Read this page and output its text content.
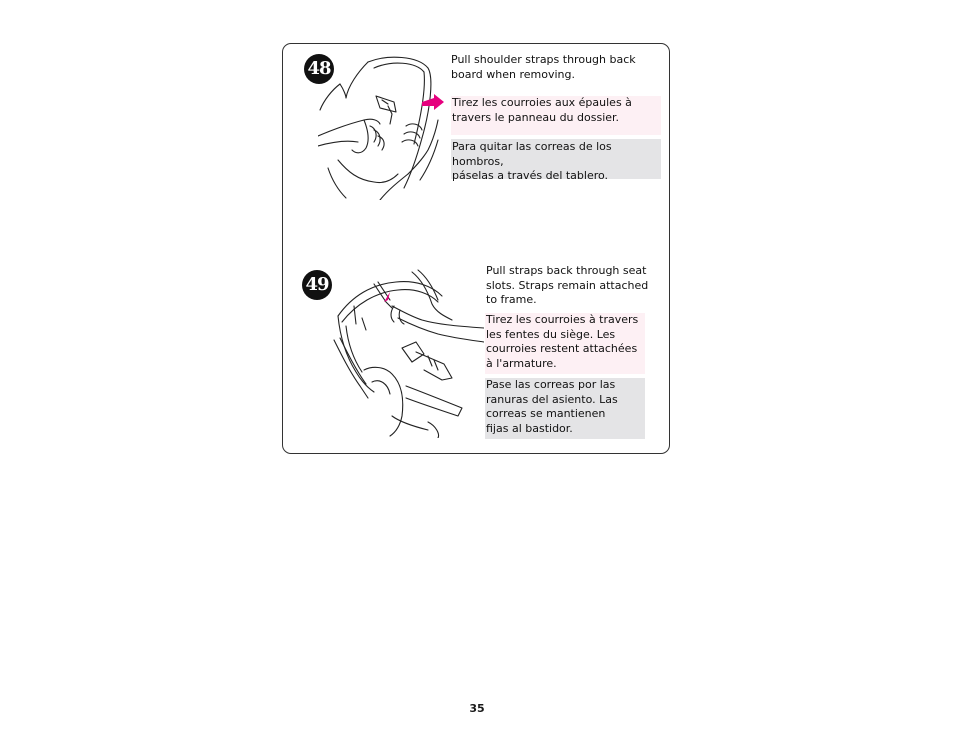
48	Pull shoulder straps through back
board when removing.

Tirez les courroies aux épaules à
travers le panneau du dossier.

Para quitar las correas de los hombros,
páselas a través del tablero.

49

Pull straps back through seat
slots. Straps remain attached
to frame.

Tirez les courroies à travers
les fentes du siège. Les
courroies restent attachées
à l'armature.

Pase las correas por las
ranuras del asiento. Las
correas se mantienen
fijas al bastidor.

35
